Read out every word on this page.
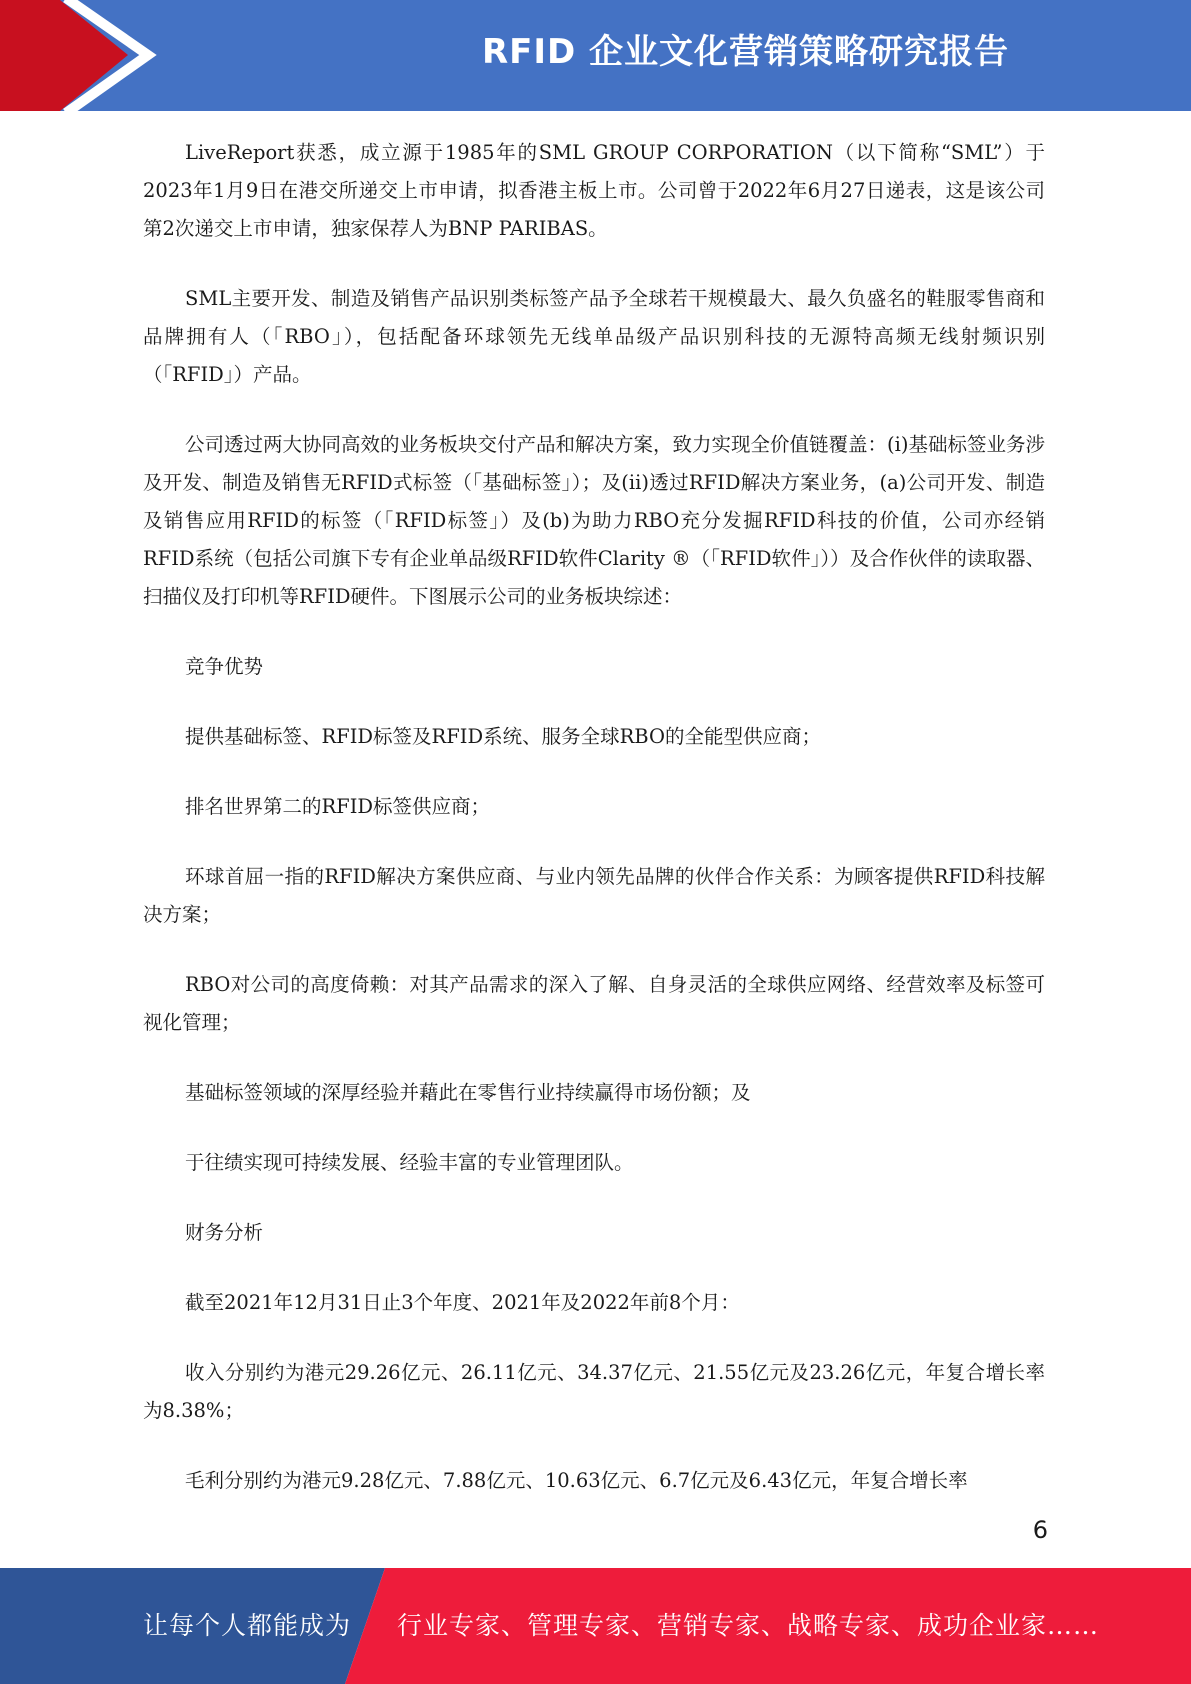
RFID 企业文化营销策略研究报告

LiveReport获悉，成立源于1985年的SML GROUP CORPORATION（以下简称“SML”）于2023年1月9日在港交所递交上市申请，拟香港主板上市。公司曾于2022年6月27日递表，这是该公司第2次递交上市申请，独家保荐人为BNP PARIBAS。

SML主要开发、制造及销售产品识别类标签产品予全球若干规模最大、最久负盛名的鞋服零售商和品牌拥有人（「RBO」），包括配备环球领先无线单品级产品识别科技的无源特高频无线射频识别（「RFID」）产品。

公司透过两大协同高效的业务板块交付产品和解决方案，致力实现全价值链覆盖：(i)基础标签业务涉及开发、制造及销售无RFID式标签（「基础标签」）；及(ii)透过RFID解决方案业务，(a)公司开发、制造及销售应用RFID的标签（「RFID标签」）及(b)为助力RBO充分发掘RFID科技的价值，公司亦经销RFID系统（包括公司旗下专有企业单品级RFID软件Clarity ®（「RFID软件」））及合作伙伴的读取器、扫描仪及打印机等RFID硬件。下图展示公司的业务板块综述：

竞争优势

提供基础标签、RFID标签及RFID系统、服务全球RBO的全能型供应商；

排名世界第二的RFID标签供应商；

环球首屈一指的RFID解决方案供应商、与业内领先品牌的伙伴合作关系：为顾客提供RFID科技解决方案；

RBO对公司的高度倚赖：对其产品需求的深入了解、自身灵活的全球供应网络、经营效率及标签可视化管理；

基础标签领域的深厚经验并藉此在零售行业持续赢得市场份额；及

于往绩实现可持续发展、经验丰富的专业管理团队。

财务分析

截至2021年12月31日止3个年度、2021年及2022年前8个月：

收入分别约为港元29.26亿元、26.11亿元、34.37亿元、21.55亿元及23.26亿元，年复合增长率为8.38%；

毛利分别约为港元9.28亿元、7.88亿元、10.63亿元、6.7亿元及6.43亿元，年复合增长率

6
让每个人都能成为 行业专家、管理专家、营销专家、战略专家、成功企业家……
